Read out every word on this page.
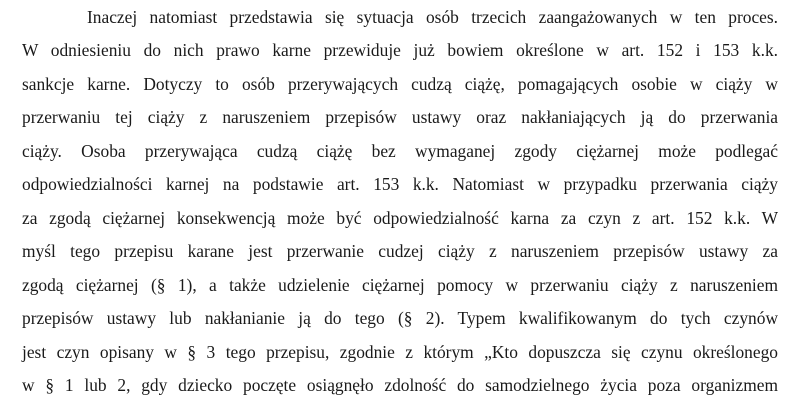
Inaczej natomiast przedstawia się sytuacja osób trzecich zaangażowanych w ten proces.
W odniesieniu do nich prawo karne przewiduje już bowiem określone w art. 152 i 153 k.k.
sankcje karne. Dotyczy to osób przerywających cudzą ciążę, pomagających osobie w ciąży w
przerwaniu tej ciąży z naruszeniem przepisów ustawy oraz nakłaniających ją do przerwania
ciąży. Osoba przerywająca cudzą ciążę bez wymaganej zgody ciężarnej może podlegać
odpowiedzialności karnej na podstawie art. 153 k.k. Natomiast w przypadku przerwania ciąży
za zgodą ciężarnej konsekwencją może być odpowiedzialność karna za czyn z art. 152 k.k. W
myśl tego przepisu karane jest przerwanie cudzej ciąży z naruszeniem przepisów ustawy za
zgodą ciężarnej (§ 1), a także udzielenie ciężarnej pomocy w przerwaniu ciąży z naruszeniem
przepisów ustawy lub nakłanianie ją do tego (§ 2). Typem kwalifikowanym do tych czynów
jest czyn opisany w § 3 tego przepisu, zgodnie z którym „Kto dopuszcza się czynu określonego
w § 1 lub 2, gdy dziecko poczęte osiągnęło zdolność do samodzielnego życia poza organizmem
